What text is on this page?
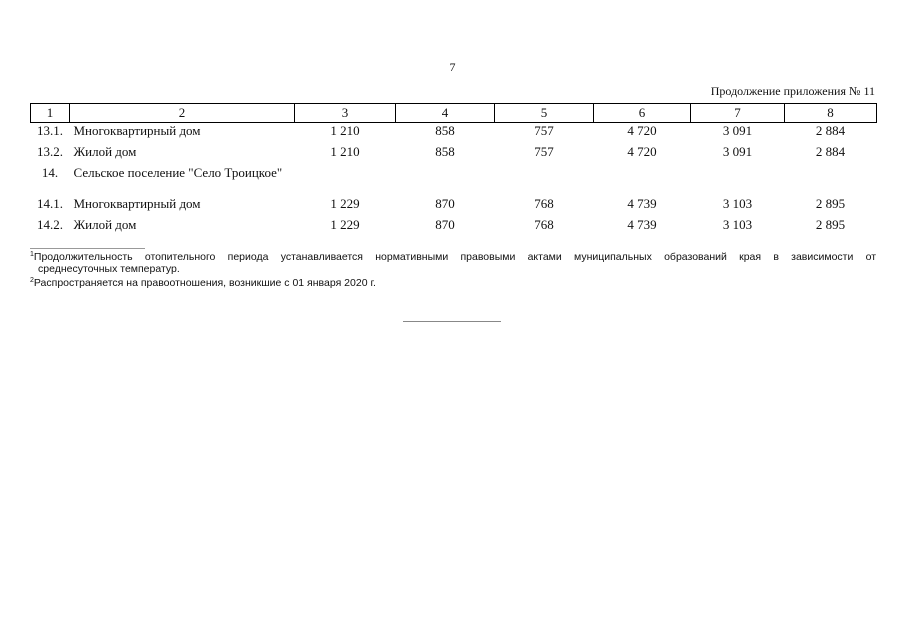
7
Продолжение приложения № 11
1	2	3	4	5	6	7	8
13.1.	Многоквартирный дом	1 210	858	757	4 720	3 091	2 884
13.2.	Жилой дом	1 210	858	757	4 720	3 091	2 884
14.	Сельское поселение "Село Троицкое"						
14.1.	Многоквартирный дом	1 229	870	768	4 739	3 103	2 895
14.2.	Жилой дом	1 229	870	768	4 739	3 103	2 895
$^1$Продолжительность отопительного периода устанавливается нормативными правовыми актами муниципальных образований края в зависимости от
среднесуточных температур.
$^2$Распространяется на правоотношения, возникшие с 01 января 2020 г.
